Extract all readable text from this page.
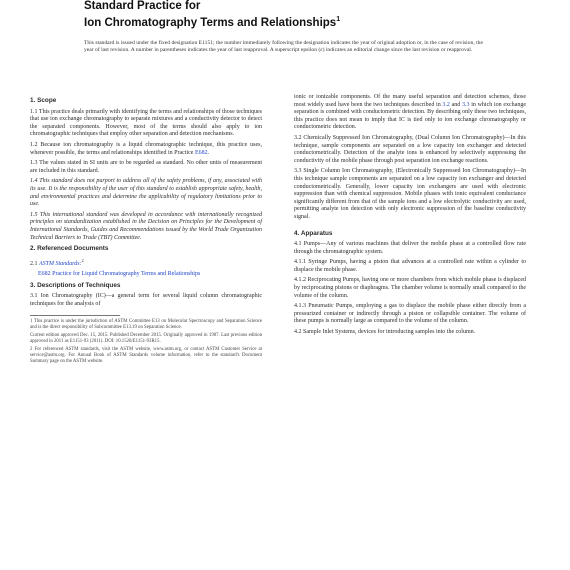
Standard Practice for
Ion Chromatography Terms and Relationships$^1$
This standard is issued under the fixed designation E1151; the number immediately following the designation indicates the year of original adoption or, in the case of revision, the year of last revision. A number in parentheses indicates the year of last reapproval. A superscript epsilon (ε) indicates an editorial change since the last revision or reapproval.
1. Scope
1.1 This practice deals primarily with identifying the terms and relationships of those techniques that use ion exchange chromatography to separate mixtures and a conductivity detector to detect the separated components. However, most of the terms should also apply to ion chromatographic techniques that employ other separation and detection mechanisms.
1.2 Because ion chromatography is a liquid chromatographic technique, this practice uses, whenever possible, the terms and relationships identified in Practice E682.
1.3 The values stated in SI units are to be regarded as standard. No other units of measurement are included in this standard.
1.4 This standard does not purport to address all of the safety problems, if any, associated with its use. It is the responsibility of the user of this standard to establish appropriate safety, health, and environmental practices and determine the applicability of regulatory limitations prior to use.
1.5 This international standard was developed in accordance with internationally recognized principles on standardization established in the Decision on Principles for the Development of International Standards, Guides and Recommendations issued by the World Trade Organization Technical Barriers to Trade (TBT) Committee.
2. Referenced Documents
2.1 ASTM Standards:$^2$
E682 Practice for Liquid Chromatography Terms and Relationships
3. Descriptions of Techniques
3.1 Ion Chromatography (IC)—a general term for several liquid column chromatographic techniques for the analysis of
1 This practice is under the jurisdiction of ASTM Committee E13 on Molecular Spectroscopy and Separation Science and is the direct responsibility of Subcommittee E13.19 on Separation Science.
Current edition approved Dec. 15, 2015. Published December 2015. Originally approved in 1987. Last previous edition approved in 2011 as E1151-93 (2011). DOI: 10.1520/E1151-93R15.
2 For referenced ASTM standards, visit the ASTM website, www.astm.org, or contact ASTM Customer Service at service@astm.org. For Annual Book of ASTM Standards volume information, refer to the standard's Document Summary page on the ASTM website.
ionic or ionizable components. Of the many useful separation and detection schemes, those most widely used have been the two techniques described in 3.2 and 3.3 in which ion exchange separation is combined with conductometric detection. By describing only these two techniques, this practice does not mean to imply that IC is tied only to ion exchange chromatography or conductometric detection.
3.2 Chemically Suppressed Ion Chromatography, (Dual Column Ion Chromatography)—In this technique, sample components are separated on a low capacity ion exchanger and detected conductometrically. Detection of the analyte ions is enhanced by selectively suppressing the conductivity of the mobile phase through post separation ion exchange reactions.
3.3 Single Column Ion Chromatography, (Electronically Suppressed Ion Chromatography)—In this technique sample components are separated on a low capacity ion exchanger and detected conductometrically. Generally, lower capacity ion exchangers are used with electronic suppression than with chemical suppression. Mobile phases with ionic equivalent conductance significantly different from that of the sample ions and a low electrolytic conductivity are used, permitting analyte ion detection with only electronic suppression of the baseline conductivity signal.
4. Apparatus
4.1 Pumps—Any of various machines that deliver the mobile phase at a controlled flow rate through the chromatographic system.
4.1.1 Syringe Pumps, having a piston that advances at a controlled rate within a cylinder to displace the mobile phase.
4.1.2 Reciprocating Pumps, having one or more chambers from which mobile phase is displaced by reciprocating pistons or diaphragms. The chamber volume is normally small compared to the volume of the column.
4.1.3 Pneumatic Pumps, employing a gas to displace the mobile phase either directly from a pressurized container or indirectly through a piston or collapsible container. The volume of these pumps is normally large as compared to the volume of the column.
4.2 Sample Inlet Systems, devices for introducing samples into the column.
